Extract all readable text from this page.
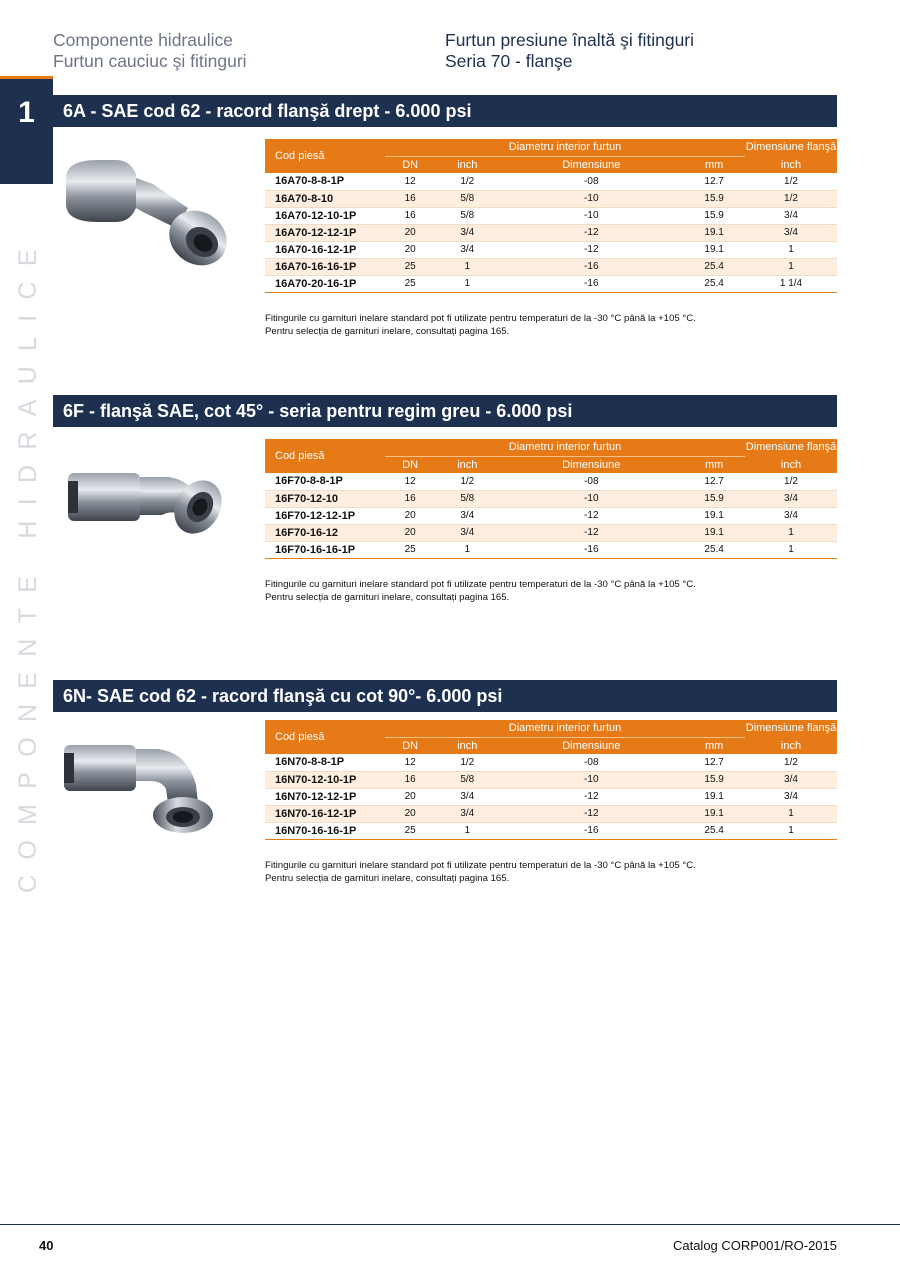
Componente hidraulice
Furtun cauciuc şi fitinguri
Furtun presiune înaltă şi fitinguri
Seria 70 - flanşe
1
COMPONENTE HIDRAULICE
6A - SAE cod 62 - racord flanşă drept - 6.000 psi
Cod piesă	Diametru interior furtun				Dimensiune flanşă
	DN	inch	Dimensiune	mm	inch
16A70-8-8-1P	12	1/2	-08	12.7	1/2
16A70-8-10	16	5/8	-10	15.9	1/2
16A70-12-10-1P	16	5/8	-10	15.9	3/4
16A70-12-12-1P	20	3/4	-12	19.1	3/4
16A70-16-12-1P	20	3/4	-12	19.1	1
16A70-16-16-1P	25	1	-16	25.4	1
16A70-20-16-1P	25	1	-16	25.4	1 1/4
Fitingurile cu garnituri inelare standard pot fi utilizate pentru temperaturi de la -30 °C până la +105 °C.
Pentru selecția de garnituri inelare, consultați pagina 165.
6F - flanşă SAE, cot 45° - seria pentru regim greu - 6.000 psi
Cod piesă	Diametru interior furtun				Dimensiune flanşă
	DN	inch	Dimensiune	mm	inch
16F70-8-8-1P	12	1/2	-08	12.7	1/2
16F70-12-10	16	5/8	-10	15.9	3/4
16F70-12-12-1P	20	3/4	-12	19.1	3/4
16F70-16-12	20	3/4	-12	19.1	1
16F70-16-16-1P	25	1	-16	25.4	1
Fitingurile cu garnituri inelare standard pot fi utilizate pentru temperaturi de la -30 °C până la +105 °C.
Pentru selecția de garnituri inelare, consultați pagina 165.
6N- SAE cod 62 - racord flanşă cu cot 90°- 6.000 psi
Cod piesă	Diametru interior furtun				Dimensiune flanşă
	DN	inch	Dimensiune	mm	inch
16N70-8-8-1P	12	1/2	-08	12.7	1/2
16N70-12-10-1P	16	5/8	-10	15.9	3/4
16N70-12-12-1P	20	3/4	-12	19.1	3/4
16N70-16-12-1P	20	3/4	-12	19.1	1
16N70-16-16-1P	25	1	-16	25.4	1
Fitingurile cu garnituri inelare standard pot fi utilizate pentru temperaturi de la -30 °C până la +105 °C.
Pentru selecția de garnituri inelare, consultați pagina 165.
40	Catalog CORP001/RO-2015
